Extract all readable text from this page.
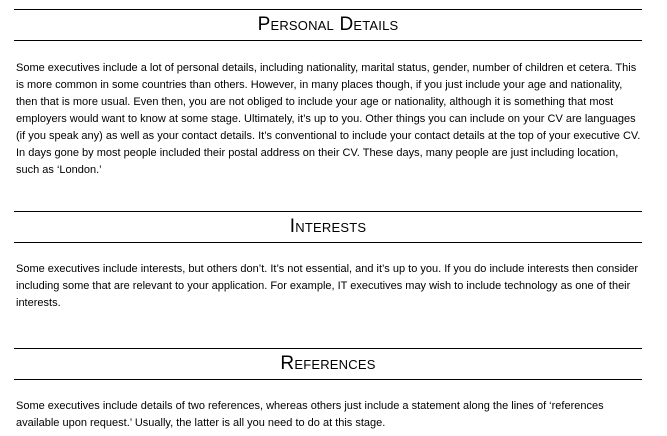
Personal Details

Some executives include a lot of personal details, including nationality, marital status, gender, number of children et cetera. This is more common in some countries than others. However, in many places though, if you just include your age and nationality, then that is more usual. Even then, you are not obliged to include your age or nationality, although it is something that most employers would want to know at some stage. Ultimately, it’s up to you. Other things you can include on your CV are languages (if you speak any) as well as your contact details. It’s conventional to include your contact details at the top of your executive CV. In days gone by most people included their postal address on their CV. These days, many people are just including location, such as ‘London.’

Interests

Some executives include interests, but others don’t. It’s not essential, and it’s up to you. If you do include interests then consider including some that are relevant to your application. For example, IT executives may wish to include technology as one of their interests.

References

Some executives include details of two references, whereas others just include a statement along the lines of ‘references available upon request.’ Usually, the latter is all you need to do at this stage.
